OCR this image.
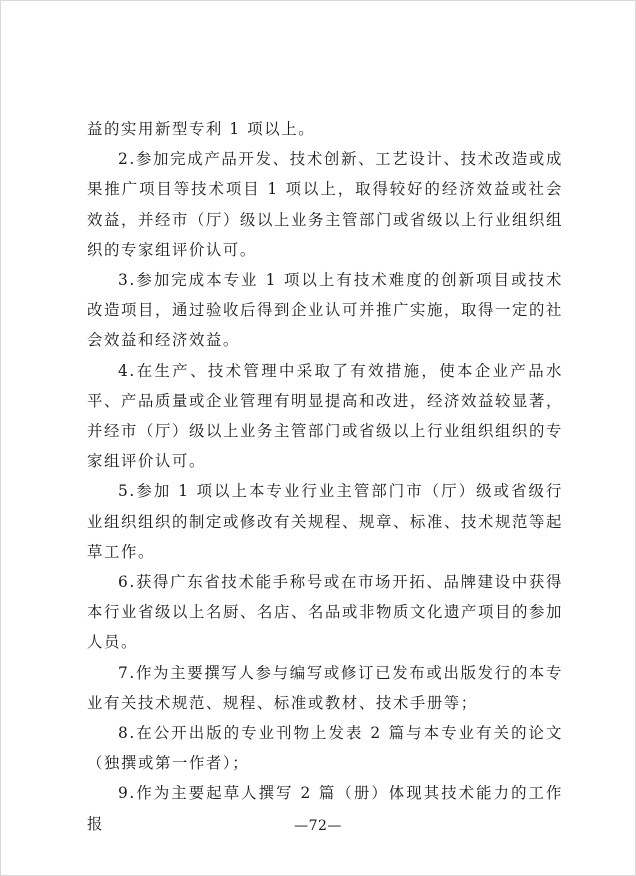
益的实用新型专利 1 项以上。

2.参加完成产品开发、技术创新、工艺设计、技术改造或成果推广项目等技术项目 1 项以上，取得较好的经济效益或社会效益，并经市（厅）级以上业务主管部门或省级以上行业组织组织的专家组评价认可。

3.参加完成本专业 1 项以上有技术难度的创新项目或技术改造项目，通过验收后得到企业认可并推广实施，取得一定的社会效益和经济效益。

4.在生产、技术管理中采取了有效措施，使本企业产品水平、产品质量或企业管理有明显提高和改进，经济效益较显著，并经市（厅）级以上业务主管部门或省级以上行业组织组织的专家组评价认可。

5.参加 1 项以上本专业行业主管部门市（厅）级或省级行业组织组织的制定或修改有关规程、规章、标准、技术规范等起草工作。

6.获得广东省技术能手称号或在市场开拓、品牌建设中获得本行业省级以上名厨、名店、名品或非物质文化遗产项目的参加人员。

7.作为主要撰写人参与编写或修订已发布或出版发行的本专业有关技术规范、规程、标准或教材、技术手册等；

8.在公开出版的专业刊物上发表 2 篇与本专业有关的论文（独撰或第一作者）；

9.作为主要起草人撰写 2 篇（册）体现其技术能力的工作报	—72—
